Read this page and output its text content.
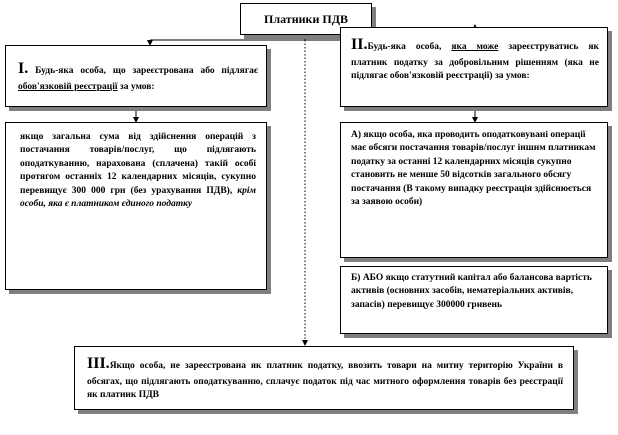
Платники ПДВ
I. Будь-яка особа, що зареєстрована або підлягає обов'язковій реєстрації за умов:
II.Будь-яка особа, яка може зареєструватись як платник податку за добровільним рішенням (яка не підлягає обов'язковій реєстрації) за умов:
якщо загальна сума від здійснення операцій з постачання товарів/послуг, що підлягають оподаткуванню, нарахована (сплачена) такій особі протягом останніх 12 календарних місяців, сукупно перевищує 300 000 грн (без урахування ПДВ), крім особи, яка є платником єдиного податку
А) якщо особа, яка проводить оподатковувані операції має обсяги постачання товарів/послуг іншим платникам податку за останні 12 календарних місяців сукупно становить не менше 50 відсотків загального обсягу постачання (В такому випадку реєстрація здійснюється за заявою особи)
Б) АБО якщо статутний капітал або балансова вартість активів (основних засобів, нематеріальних активів, запасів) перевищує 300000 гривень
III.Якщо особа, не зареєстрована як платник податку, ввозить товари на митну територію України в обсягах, що підлягають оподаткуванню, сплачує податок під час митного оформлення товарів без реєстрації як платник ПДВ
